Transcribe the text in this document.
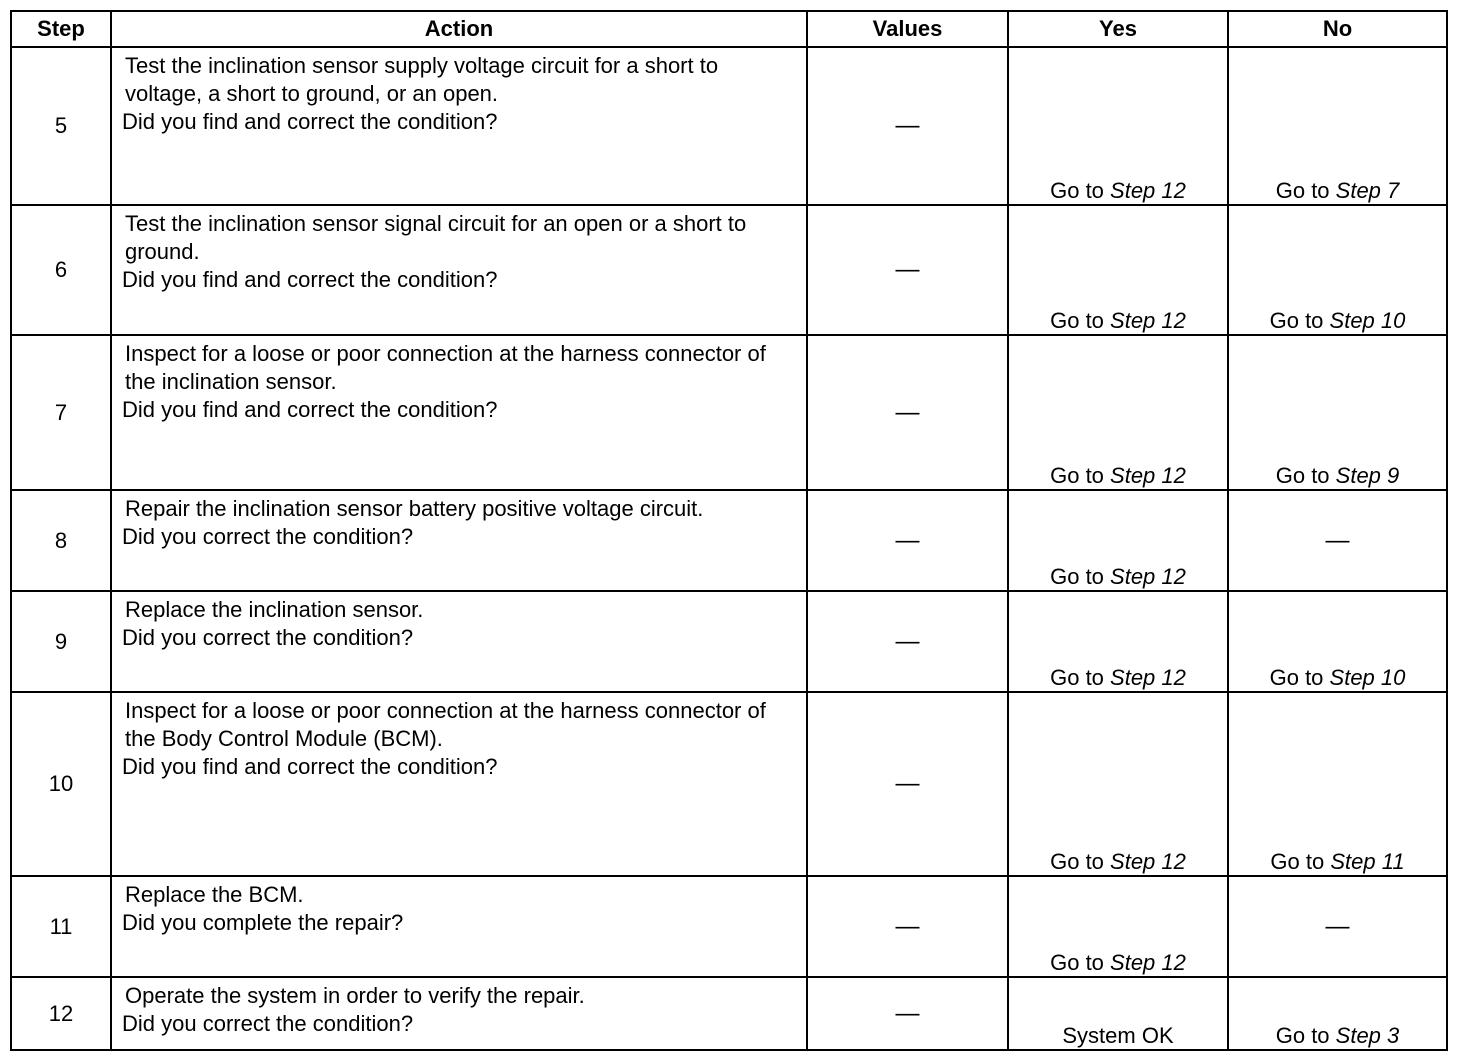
Step	Action	Values	Yes	No
5	Test the inclination sensor supply voltage circuit for a short to voltage, a short to ground, or an open.
Did you find and correct the condition?	—	Go to Step 12	Go to Step 7
6	Test the inclination sensor signal circuit for an open or a short to ground.
Did you find and correct the condition?	—	Go to Step 12	Go to Step 10
7	Inspect for a loose or poor connection at the harness connector of the inclination sensor.
Did you find and correct the condition?	—	Go to Step 12	Go to Step 9
8	Repair the inclination sensor battery positive voltage circuit.
Did you correct the condition?	—	Go to Step 12	—
9	Replace the inclination sensor.
Did you correct the condition?	—	Go to Step 12	Go to Step 10
10	Inspect for a loose or poor connection at the harness connector of the Body Control Module (BCM).
Did you find and correct the condition?	—	Go to Step 12	Go to Step 11
11	Replace the BCM.
Did you complete the repair?	—	Go to Step 12	—
12	Operate the system in order to verify the repair.
Did you correct the condition?	—	System OK	Go to Step 3
